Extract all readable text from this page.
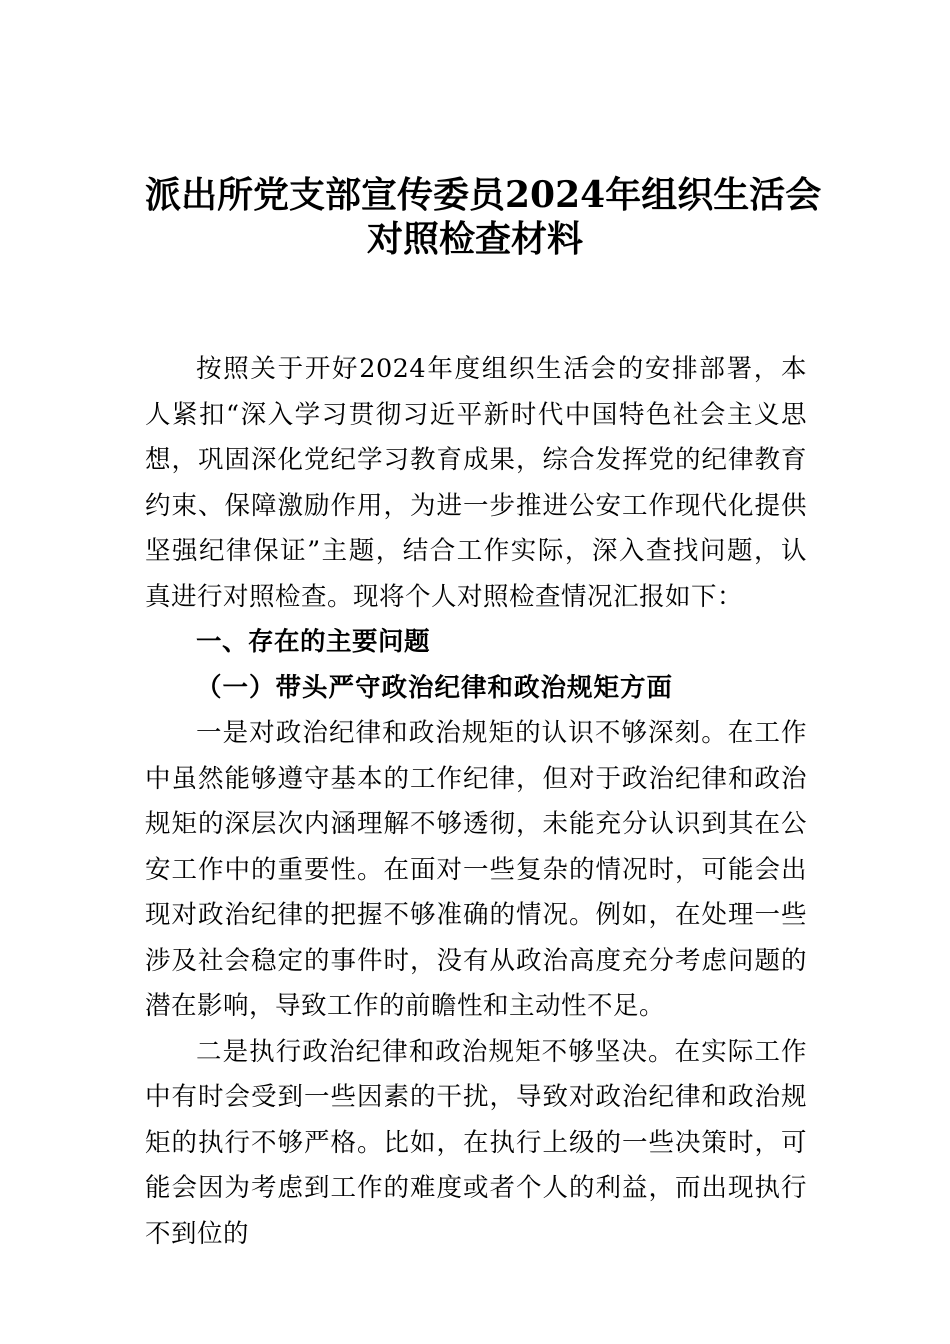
派出所党支部宣传委员2024年组织生活会
对照检查材料

按照关于开好2024年度组织生活会的安排部署，本人紧扣“深入学习贯彻习近平新时代中国特色社会主义思想，巩固深化党纪学习教育成果，综合发挥党的纪律教育约束、保障激励作用，为进一步推进公安工作现代化提供坚强纪律保证”主题，结合工作实际，深入查找问题，认真进行对照检查。现将个人对照检查情况汇报如下：

一、存在的主要问题

（一）带头严守政治纪律和政治规矩方面

一是对政治纪律和政治规矩的认识不够深刻。在工作中虽然能够遵守基本的工作纪律，但对于政治纪律和政治规矩的深层次内涵理解不够透彻，未能充分认识到其在公安工作中的重要性。在面对一些复杂的情况时，可能会出现对政治纪律的把握不够准确的情况。例如，在处理一些涉及社会稳定的事件时，没有从政治高度充分考虑问题的潜在影响，导致工作的前瞻性和主动性不足。

二是执行政治纪律和政治规矩不够坚决。在实际工作中有时会受到一些因素的干扰，导致对政治纪律和政治规矩的执行不够严格。比如，在执行上级的一些决策时，可能会因为考虑到工作的难度或者个人的利益，而出现执行不到位的
